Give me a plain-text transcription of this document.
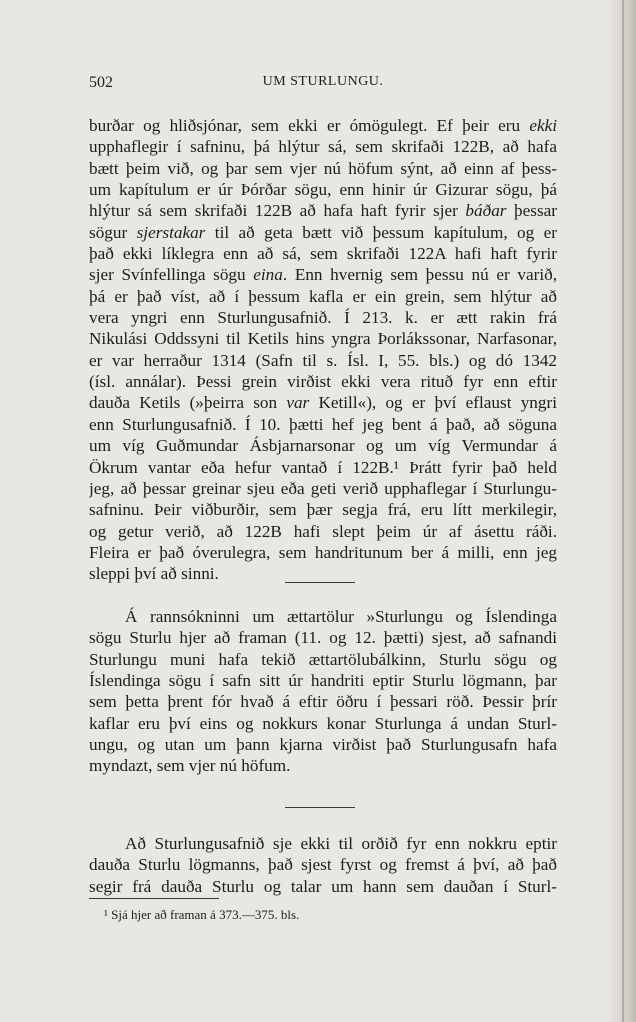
502	UM STURLUNGU.
burðar og hliðsjónar, sem ekki er ómögulegt. Ef þeir eru ekki
upphaflegir í safninu, þá hlýtur sá, sem skrifaði 122B, að hafa
bætt þeim við, og þar sem vjer nú höfum sýnt, að einn af þess-
um kapítulum er úr Þórðar sögu, enn hinir úr Gizurar sögu, þá
hlýtur sá sem skrifaði 122B að hafa haft fyrir sjer báðar þessar
sögur sjerstakar til að geta bætt við þessum kapítulum, og er
það ekki líklegra enn að sá, sem skrifaði 122A hafi haft fyrir
sjer Svínfellinga sögu eina. Enn hvernig sem þessu nú er varið,
þá er það víst, að í þessum kafla er ein grein, sem hlýtur að
vera yngri enn Sturlungusafnið. Í 213. k. er ætt rakin frá
Nikulási Oddssyni til Ketils hins yngra Þorlákssonar, Narfasonar,
er var herraður 1314 (Safn til s. Ísl. I, 55. bls.) og dó 1342
(ísl. annálar). Þessi grein virðist ekki vera rituð fyr enn eftir
dauða Ketils (»þeirra son var Ketill«), og er því eflaust yngri
enn Sturlungusafnið. Í 10. þætti hef jeg bent á það, að söguna
um víg Guðmundar Ásbjarnarsonar og um víg Vermundar á
Ökrum vantar eða hefur vantað í 122B.¹ Þrátt fyrir það held
jeg, að þessar greinar sjeu eða geti verið upphaflegar í Sturlungu-
safninu. Þeir viðburðir, sem þær segja frá, eru lítt merkilegir,
og getur verið, að 122B hafi slept þeim úr af ásettu ráði.
Fleira er það óverulegra, sem handritunum ber á milli, enn jeg
sleppi því að sinni.
Á rannsókninni um ættartölur »Sturlungu og Íslendinga
sögu Sturlu hjer að framan (11. og 12. þætti) sjest, að safnandi
Sturlungu muni hafa tekið ættartölubálkinn, Sturlu sögu og
Íslendinga sögu í safn sitt úr handriti eptir Sturlu lögmann, þar
sem þetta þrent fór hvað á eftir öðru í þessari röð. Þessir þrír
kaflar eru því eins og nokkurs konar Sturlunga á undan Sturl-
ungu, og utan um þann kjarna virðist það Sturlungusafn hafa
myndazt, sem vjer nú höfum.
Að Sturlungusafnið sje ekki til orðið fyr enn nokkru eptir
dauða Sturlu lögmanns, það sjest fyrst og fremst á því, að það
segir frá dauða Sturlu og talar um hann sem dauðan í Sturl-
¹ Sjá hjer að framan á 373.—375. bls.
